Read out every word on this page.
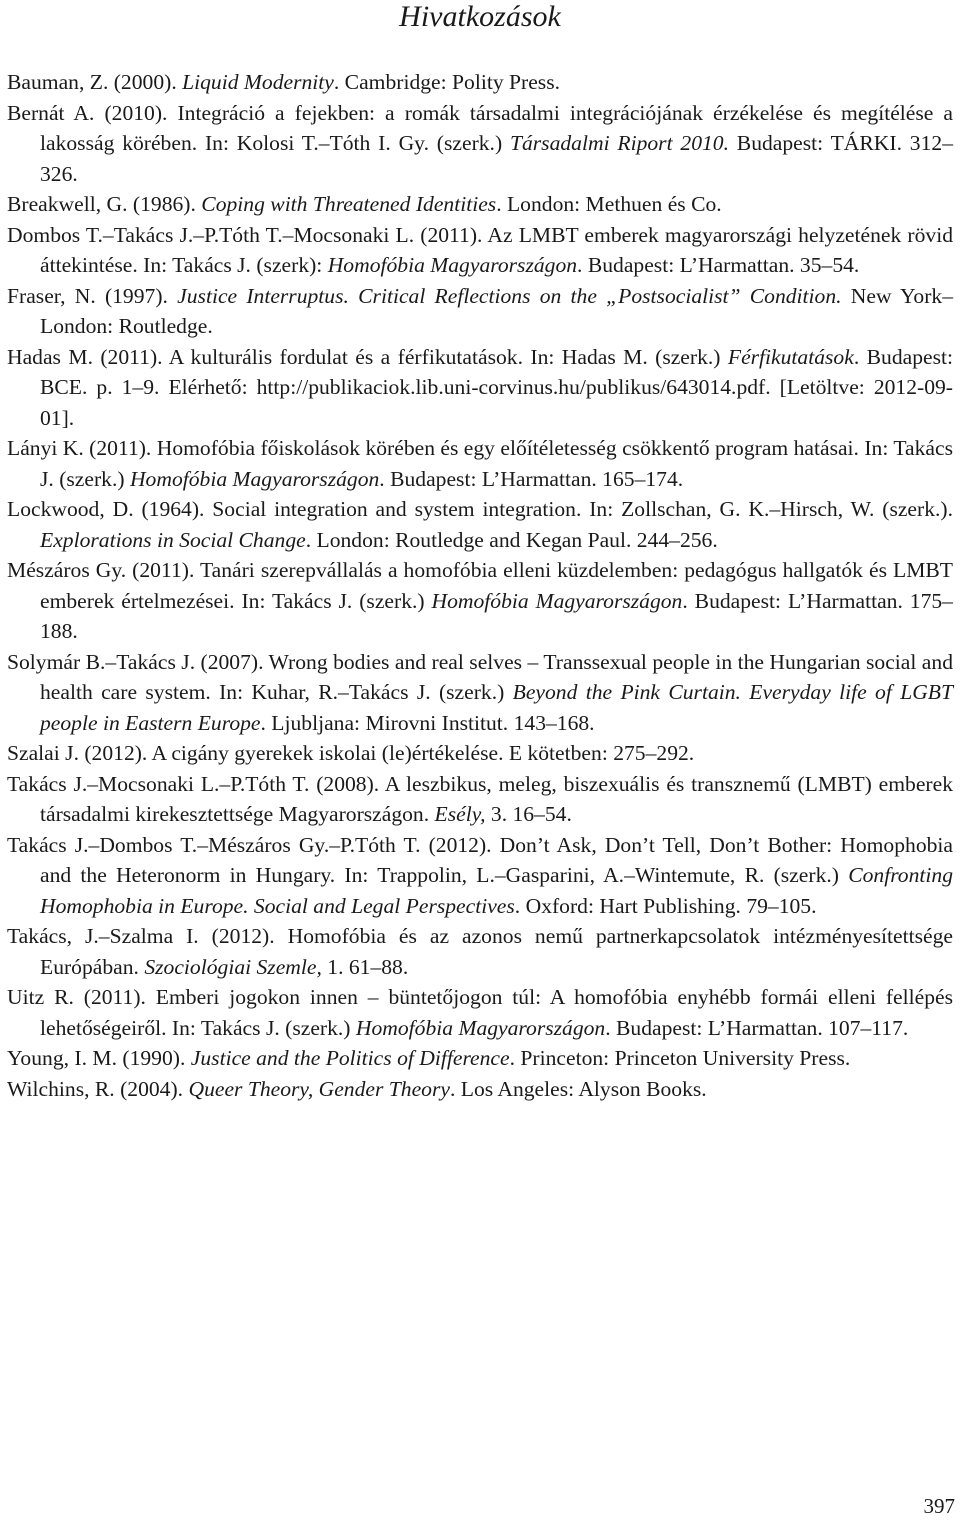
Hivatkozások
Bauman, Z. (2000). Liquid Modernity. Cambridge: Polity Press.
Bernát A. (2010). Integráció a fejekben: a romák társadalmi integrációjának érzékelése és megítélése a lakosság körében. In: Kolosi T.–Tóth I. Gy. (szerk.) Társadalmi Riport 2010. Budapest: TÁRKI. 312–326.
Breakwell, G. (1986). Coping with Threatened Identities. London: Methuen és Co.
Dombos T.–Takács J.–P.Tóth T.–Mocsonaki L. (2011). Az LMBT emberek magyarországi helyzetének rövid áttekintése. In: Takács J. (szerk): Homofóbia Magyarországon. Budapest: L’Harmattan. 35–54.
Fraser, N. (1997). Justice Interruptus. Critical Reflections on the „Postsocialist” Condition. New York–London: Routledge.
Hadas M. (2011). A kulturális fordulat és a férfikutatások. In: Hadas M. (szerk.) Férfikutatások. Budapest: BCE. p. 1–9. Elérhető: http://publikaciok.lib.uni-corvinus.hu/publikus/643014.pdf. [Letöltve: 2012-09-01].
Lányi K. (2011). Homofóbia főiskolások körében és egy előítéletesség csökkentő program hatásai. In: Takács J. (szerk.) Homofóbia Magyarországon. Budapest: L’Harmattan. 165–174.
Lockwood, D. (1964). Social integration and system integration. In: Zollschan, G. K.–Hirsch, W. (szerk.). Explorations in Social Change. London: Routledge and Kegan Paul. 244–256.
Mészáros Gy. (2011). Tanári szerepvállalás a homofóbia elleni küzdelemben: pedagógus hallgatók és LMBT emberek értelmezései. In: Takács J. (szerk.) Homofóbia Magyarországon. Budapest: L’Harmattan. 175–188.
Solymár B.–Takács J. (2007). Wrong bodies and real selves – Transsexual people in the Hungarian social and health care system. In: Kuhar, R.–Takács J. (szerk.) Beyond the Pink Curtain. Everyday life of LGBT people in Eastern Europe. Ljubljana: Mirovni Institut. 143–168.
Szalai J. (2012). A cigány gyerekek iskolai (le)értékelése. E kötetben: 275–292.
Takács J.–Mocsonaki L.–P.Tóth T. (2008). A leszbikus, meleg, biszexuális és transznemű (LMBT) emberek társadalmi kirekesztettsége Magyarországon. Esély, 3. 16–54.
Takács J.–Dombos T.–Mészáros Gy.–P.Tóth T. (2012). Don’t Ask, Don’t Tell, Don’t Bother: Homophobia and the Heteronorm in Hungary. In: Trappolin, L.–Gasparini, A.–Wintemute, R. (szerk.) Confronting Homophobia in Europe. Social and Legal Perspectives. Oxford: Hart Publishing. 79–105.
Takács, J.–Szalma I. (2012). Homofóbia és az azonos nemű partnerkapcsolatok intézményesítettsége Európában. Szociológiai Szemle, 1. 61–88.
Uitz R. (2011). Emberi jogokon innen – büntetőjogon túl: A homofóbia enyhébb formái elleni fellépés lehetőségeiről. In: Takács J. (szerk.) Homofóbia Magyarországon. Budapest: L’Harmattan. 107–117.
Young, I. M. (1990). Justice and the Politics of Difference. Princeton: Princeton University Press.
Wilchins, R. (2004). Queer Theory, Gender Theory. Los Angeles: Alyson Books.
397
